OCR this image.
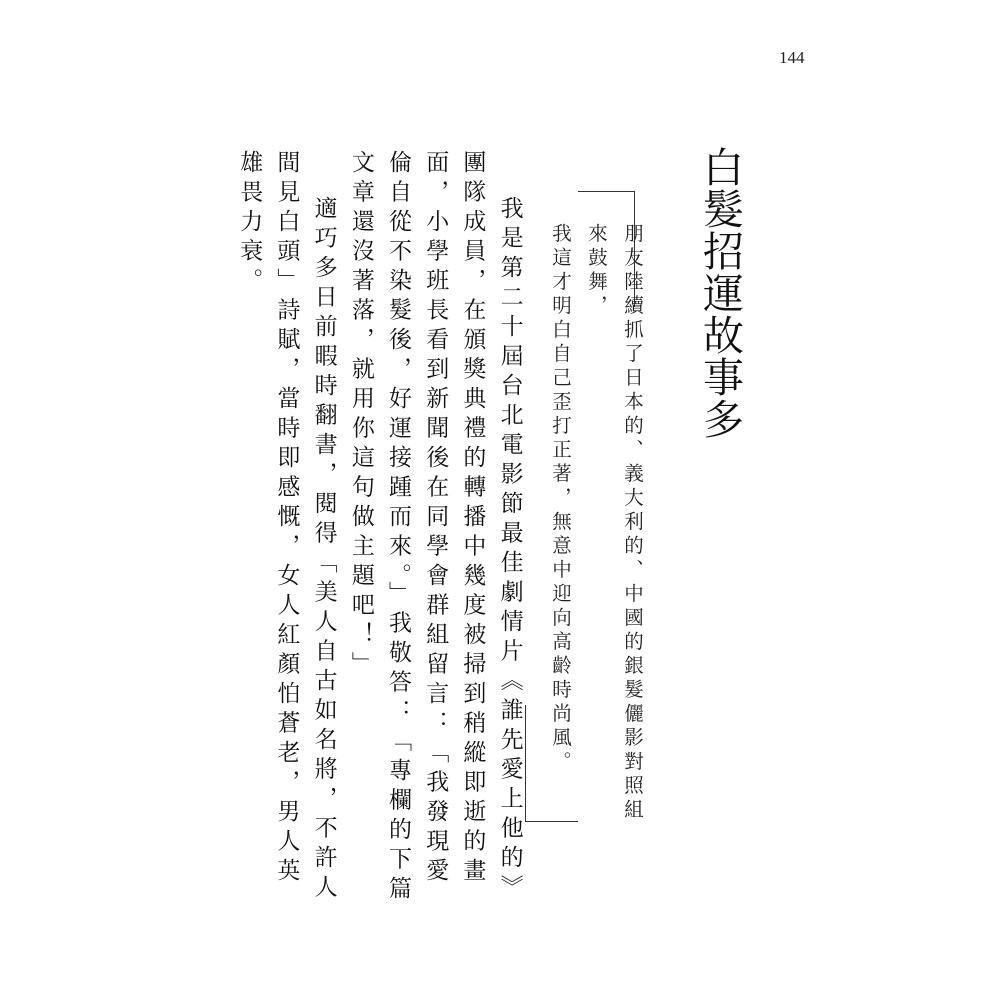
144
白髮招運故事多

朋友陸續抓了日本的、義大利的、中國的銀髮儷影對照組來鼓舞，

我這才明白自己歪打正著，無意中迎向高齡時尚風。

我是第二十屆台北電影節最佳劇情片《誰先愛上他的》團隊成員，在頒獎典禮的轉播中幾度被掃到稍縱即逝的畫面，小學班長看到新聞後在同學會群組留言：「我發現愛倫自從不染髮後，好運接踵而來。」我敬答：「專欄的下篇文章還沒著落，就用你這句做主題吧！」

適巧多日前暇時翻書，閱得「美人自古如名將，不許人間見白頭」詩賦，當時即感慨，女人紅顏怕蒼老，男人英雄畏力衰。
